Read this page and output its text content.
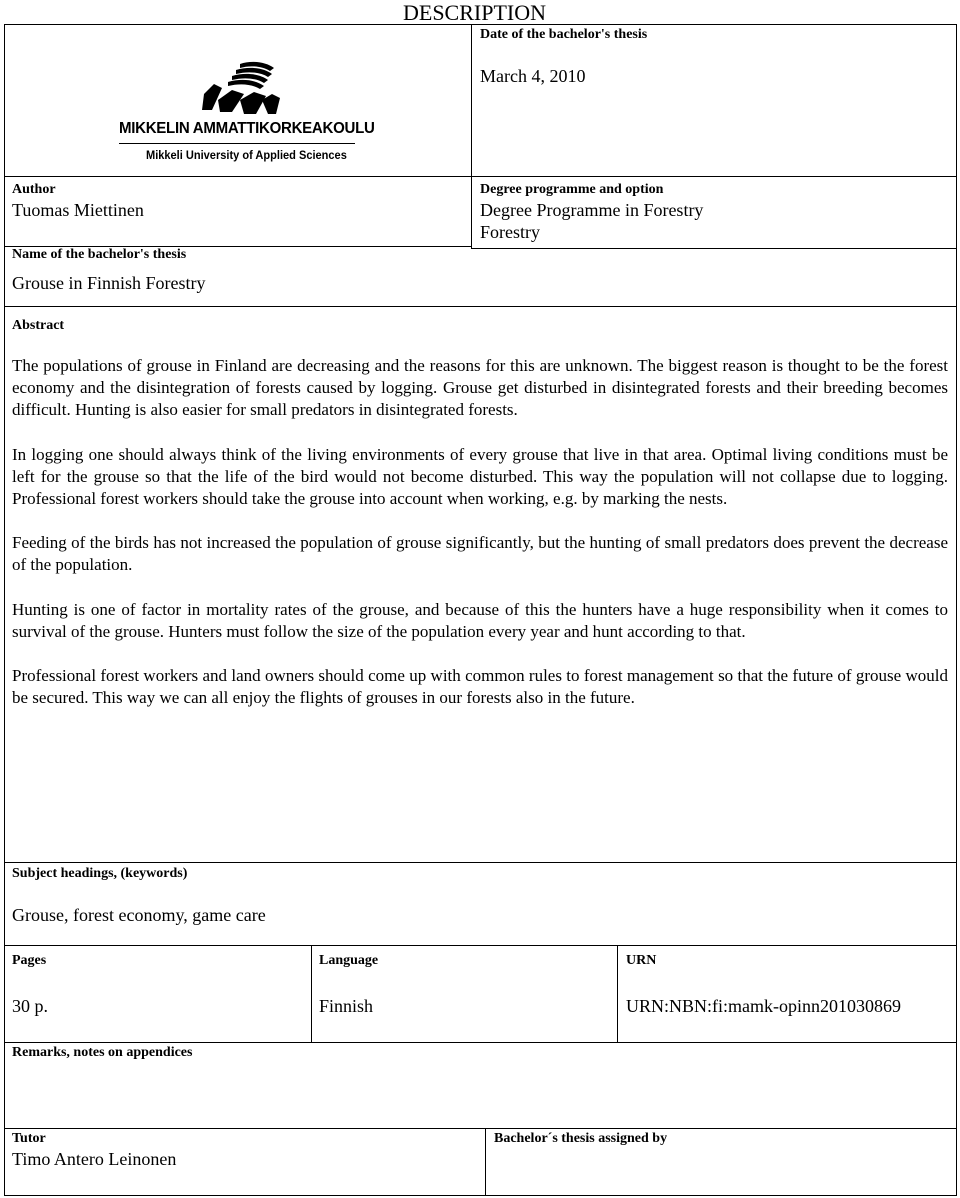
DESCRIPTION
MIKKELIN AMMATTIKORKEAKOULU
Mikkeli University of Applied Sciences
Date of the bachelor's thesis
March 4, 2010
Author
Tuomas Miettinen
Degree programme and option
Degree Programme in Forestry
Forestry
Name of the bachelor's thesis
Grouse in Finnish Forestry
Abstract

The populations of grouse in Finland are decreasing and the reasons for this are unknown. The biggest reason is thought to be the forest economy and the disintegration of forests caused by logging. Grouse get disturbed in disintegrated forests and their breeding becomes difficult. Hunting is also easier for small predators in disintegrated forests.

In logging one should always think of the living environments of every grouse that live in that area. Optimal living conditions must be left for the grouse so that the life of the bird would not become disturbed. This way the population will not collapse due to logging. Professional forest workers should take the grouse into account when working, e.g. by marking the nests.

Feeding of the birds has not increased the population of grouse significantly, but the hunting of small predators does prevent the decrease of the population.

Hunting is one of factor in mortality rates of the grouse, and because of this the hunters have a huge responsibility when it comes to survival of the grouse. Hunters must follow the size of the population every year and hunt according to that.

Professional forest workers and land owners should come up with common rules to forest management so that the future of grouse would be secured. This way we can all enjoy the flights of grouses in our forests also in the future.

Subject headings, (keywords)
Grouse, forest economy, game care
Pages
30 p.
Language
Finnish
URN
URN:NBN:fi:mamk-opinn201030869
Remarks, notes on appendices
Tutor
Timo Antero Leinonen
Bachelor´s thesis assigned by
